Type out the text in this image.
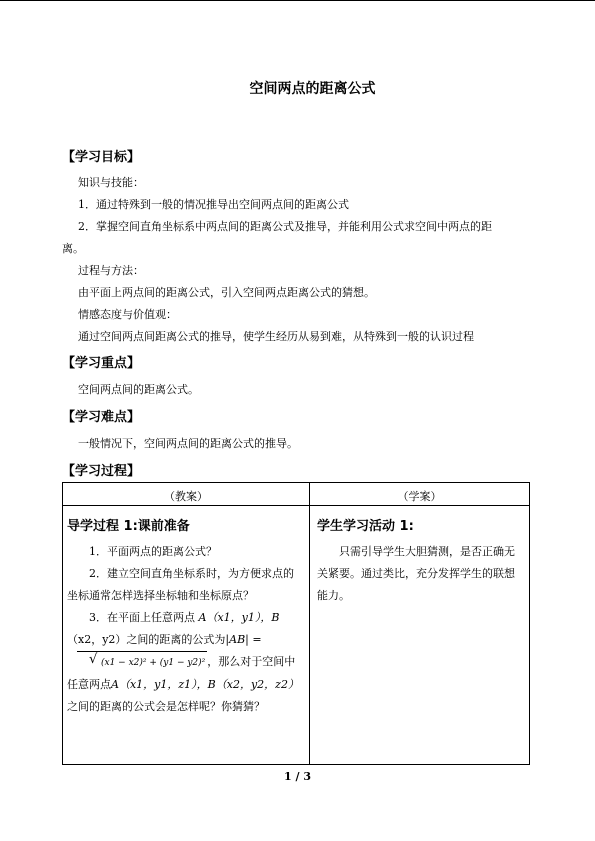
空间两点的距离公式
【学习目标】
知识与技能：
1．通过特殊到一般的情况推导出空间两点间的距离公式
2．掌握空间直角坐标系中两点间的距离公式及推导，并能利用公式求空间中两点的距
离。
过程与方法：
由平面上两点间的距离公式，引入空间两点距离公式的猜想。
情感态度与价值观：
通过空间两点间距离公式的推导，使学生经历从易到难，从特殊到一般的认识过程
【学习重点】
空间两点间的距离公式。
【学习难点】
一般情况下，空间两点间的距离公式的推导。
【学习过程】
（教案）	（学案）
导学过程 1:课前准备	学生学习活动 1:
1．平面两点的距离公式？
2．建立空间直角坐标系时，为方便求点的坐标通常怎样选择坐标轴和坐标原点？
3．在平面上任意两点 A（x1，y1），B（x2，y2）之间的距离的公式为|AB| = √ (x1 − x2)² + (y1 − y2)² ，那么对于空间中任意两点A（x1，y1，z1），B（x2，y2，z2）之间的距离的公式会是怎样呢？你猜猜？
只需引导学生大胆猜测，是否正确无关紧要。通过类比，充分发挥学生的联想能力。
1 / 3
